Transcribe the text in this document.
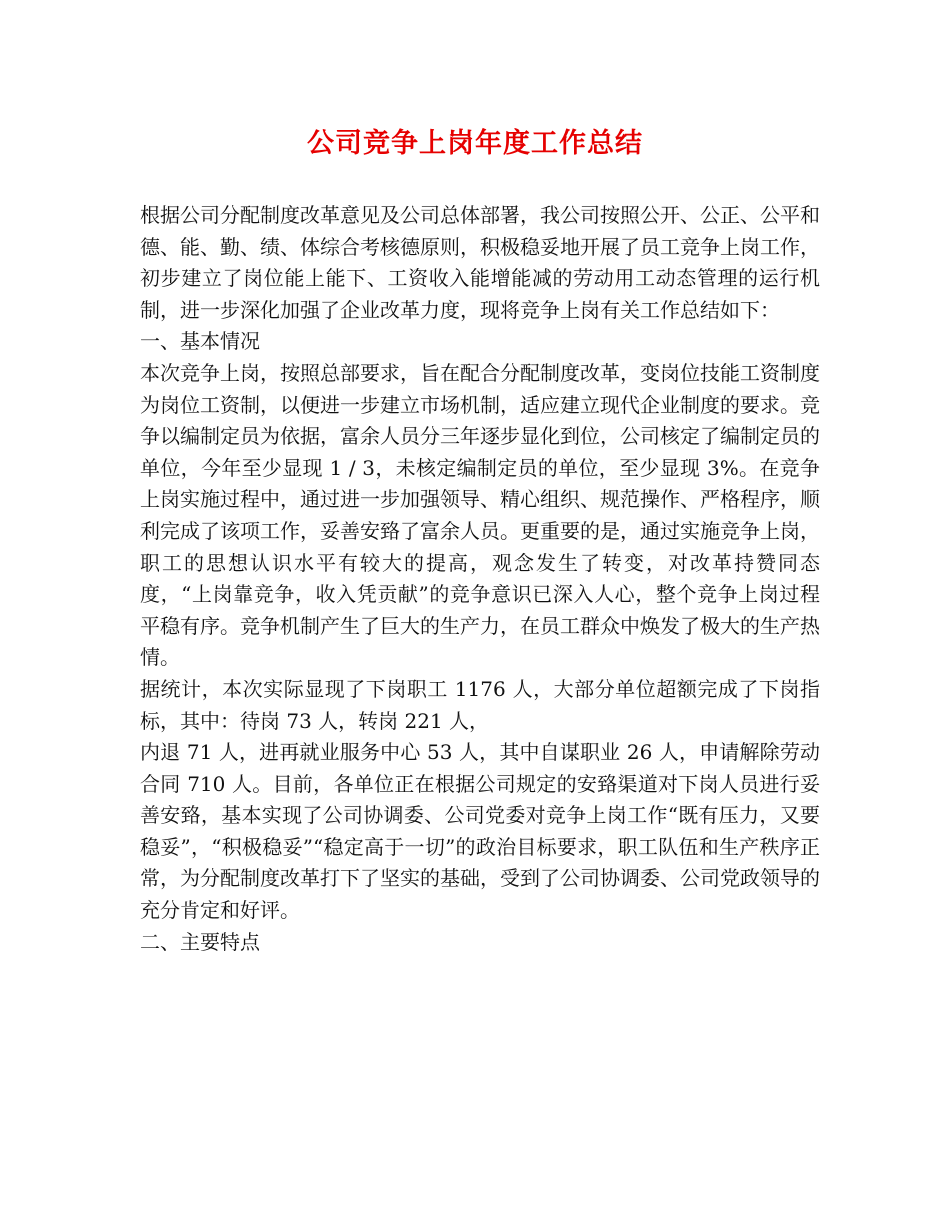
公司竞争上岗年度工作总结

根据公司分配制度改革意见及公司总体部署，我公司按照公开、公正、公平和德、能、勤、绩、体综合考核德原则，积极稳妥地开展了员工竞争上岗工作，初步建立了岗位能上能下、工资收入能增能减的劳动用工动态管理的运行机制，进一步深化加强了企业改革力度，现将竞争上岗有关工作总结如下：

一、基本情况

本次竞争上岗，按照总部要求，旨在配合分配制度改革，变岗位技能工资制度为岗位工资制，以便进一步建立市场机制，适应建立现代企业制度的要求。竞争以编制定员为依据，富余人员分三年逐步显化到位，公司核定了编制定员的单位，今年至少显现 1 / 3，未核定编制定员的单位，至少显现 3%。在竞争上岗实施过程中，通过进一步加强领导、精心组织、规范操作、严格程序，顺利完成了该项工作，妥善安臵了富余人员。更重要的是，通过实施竞争上岗，职工的思想认识水平有较大的提高，观念发生了转变，对改革持赞同态度，“上岗靠竞争，收入凭贡献”的竞争意识已深入人心，整个竞争上岗过程平稳有序。竞争机制产生了巨大的生产力，在员工群众中焕发了极大的生产热情。

据统计，本次实际显现了下岗职工 1176 人，大部分单位超额完成了下岗指标，其中：待岗 73 人，转岗 221 人，

内退 71 人，进再就业服务中心 53 人，其中自谋职业 26 人，申请解除劳动合同 710 人。目前，各单位正在根据公司规定的安臵渠道对下岗人员进行妥善安臵，基本实现了公司协调委、公司党委对竞争上岗工作“既有压力，又要稳妥”，“积极稳妥”“稳定高于一切”的政治目标要求，职工队伍和生产秩序正常，为分配制度改革打下了坚实的基础，受到了公司协调委、公司党政领导的充分肯定和好评。

二、主要特点
